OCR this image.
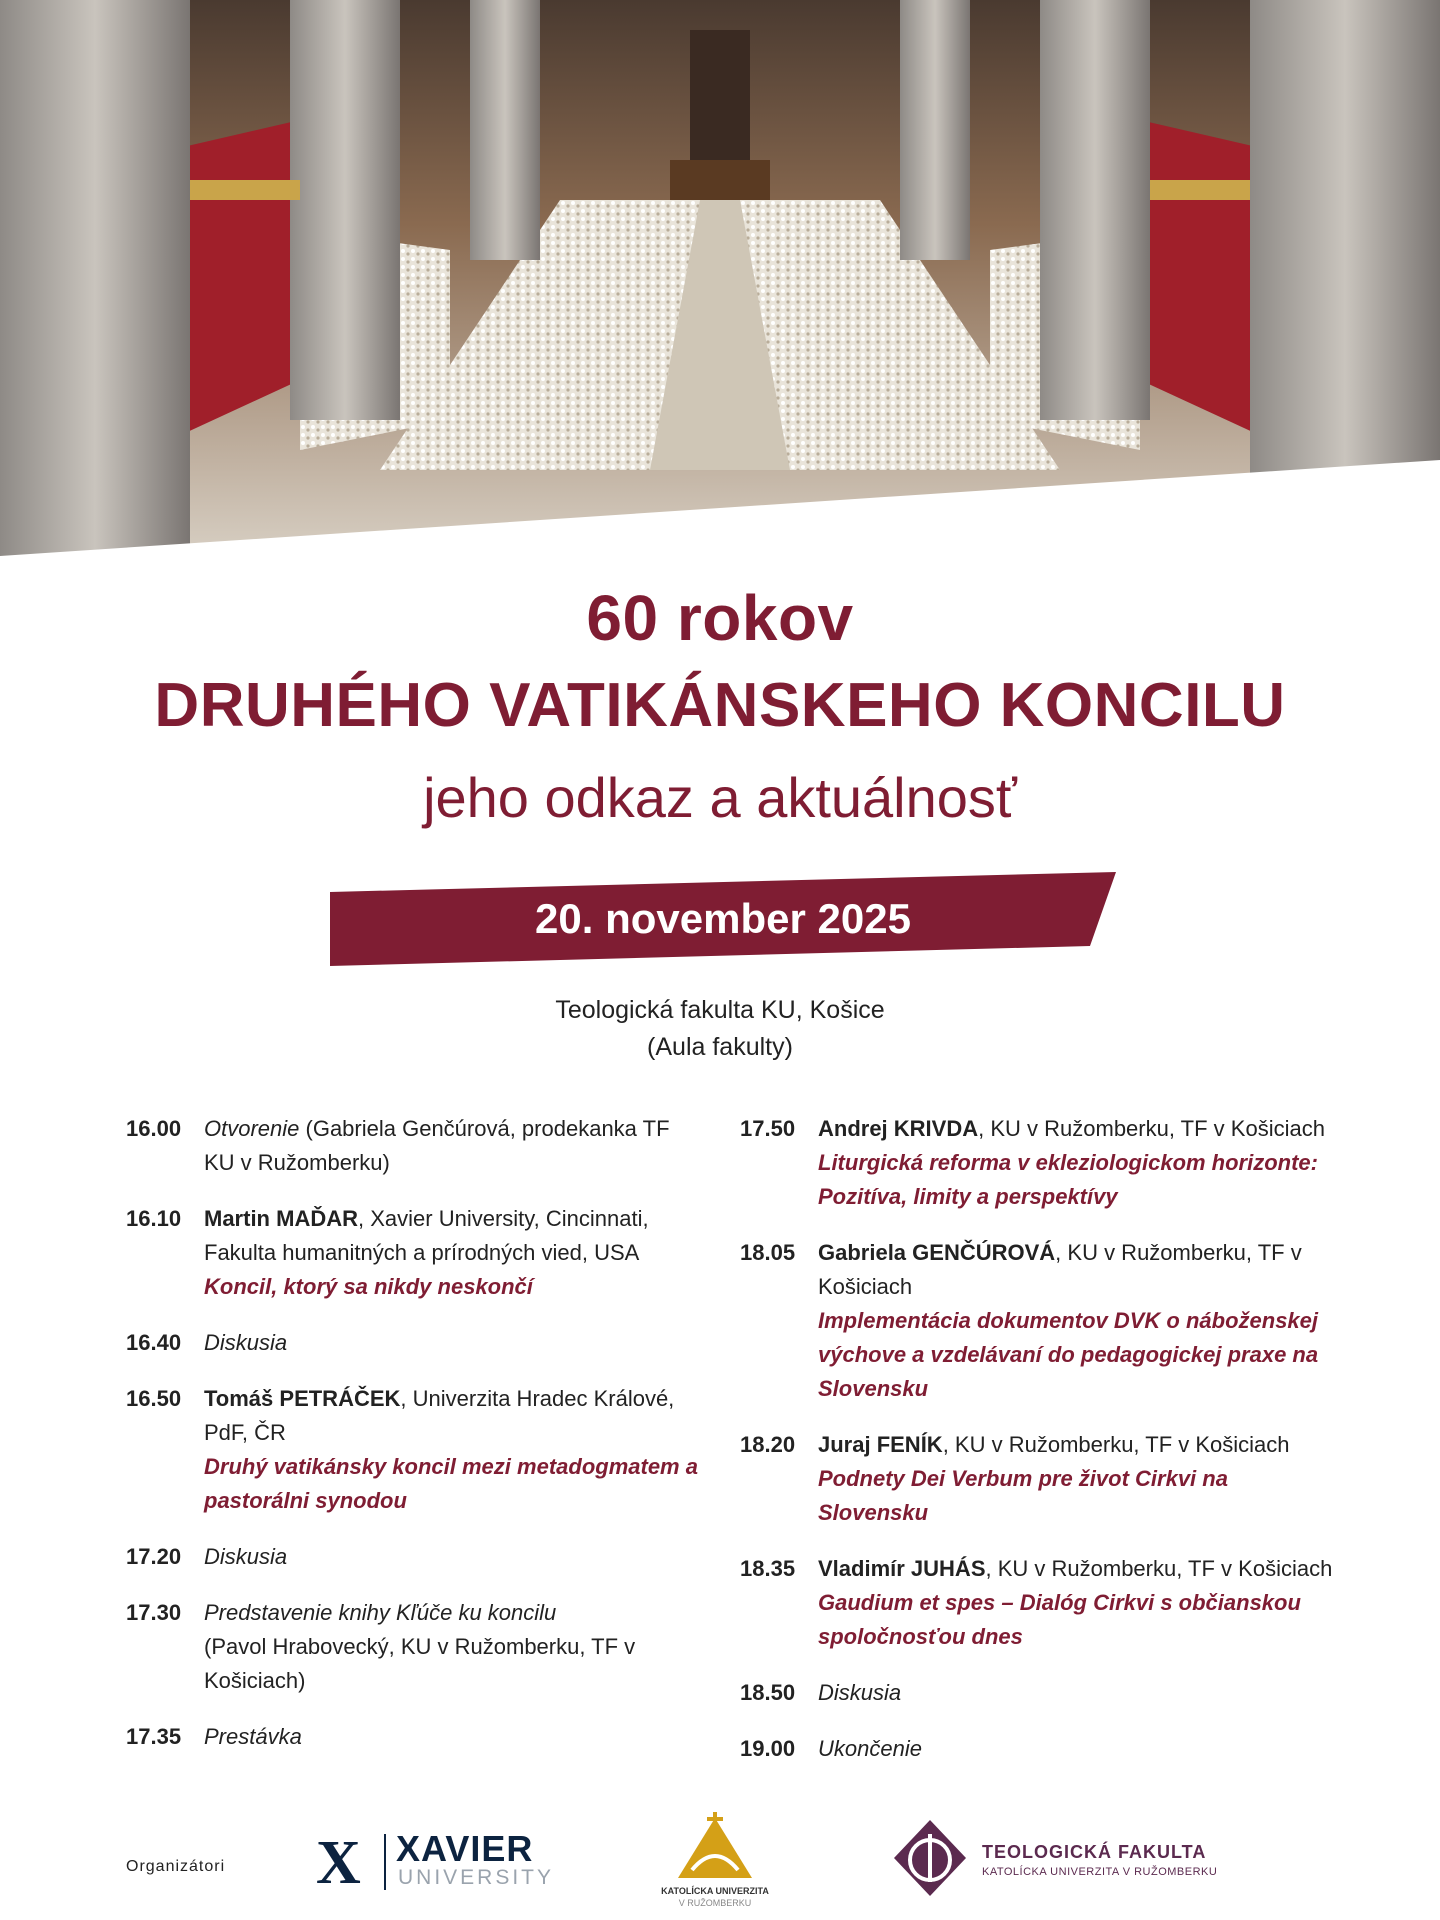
60 rokov
DRUHÉHO VATIKÁNSKEHO KONCILU
jeho odkaz a aktuálnosť
20. november 2025
Teologická fakulta KU, Košice
(Aula fakulty)
16.00	Otvorenie (Gabriela Genčúrová, prodekanka TF KU v Ružomberku)
16.10	Martin MAĎAR, Xavier University, Cincinnati, Fakulta humanitných a prírodných vied, USA
Koncil, ktorý sa nikdy neskončí
16.40	Diskusia
16.50	Tomáš PETRÁČEK, Univerzita Hradec Králové, PdF, ČR
Druhý vatikánsky koncil mezi metadogmatem a pastorálni synodou
17.20	Diskusia
17.30	Predstavenie knihy Kľúče ku koncilu
(Pavol Hrabovecký, KU v Ružomberku, TF v Košiciach)
17.35	Prestávka
17.50	Andrej KRIVDA, KU v Ružomberku, TF v Košiciach
Liturgická reforma v ekleziologickom horizonte: Pozitíva, limity a perspektívy
18.05	Gabriela GENČÚROVÁ, KU v Ružomberku, TF v Košiciach
Implementácia dokumentov DVK o náboženskej výchove a vzdelávaní do pedagogickej praxe na Slovensku
18.20	Juraj FENÍK, KU v Ružomberku, TF v Košiciach
Podnety Dei Verbum pre život Cirkvi na Slovensku
18.35	Vladimír JUHÁS, KU v Ružomberku, TF v Košiciach
Gaudium et spes – Dialóg Cirkvi s občianskou spoločnosťou dnes
18.50	Diskusia
19.00	Ukončenie
Organizátori X XAVIER
UNIVERSITY
KATOLÍCKA UNIVERZITA
V RUŽOMBERKU
TEOLOGICKÁ FAKULTA
KATOLÍCKA UNIVERZITA V RUŽOMBERKU
